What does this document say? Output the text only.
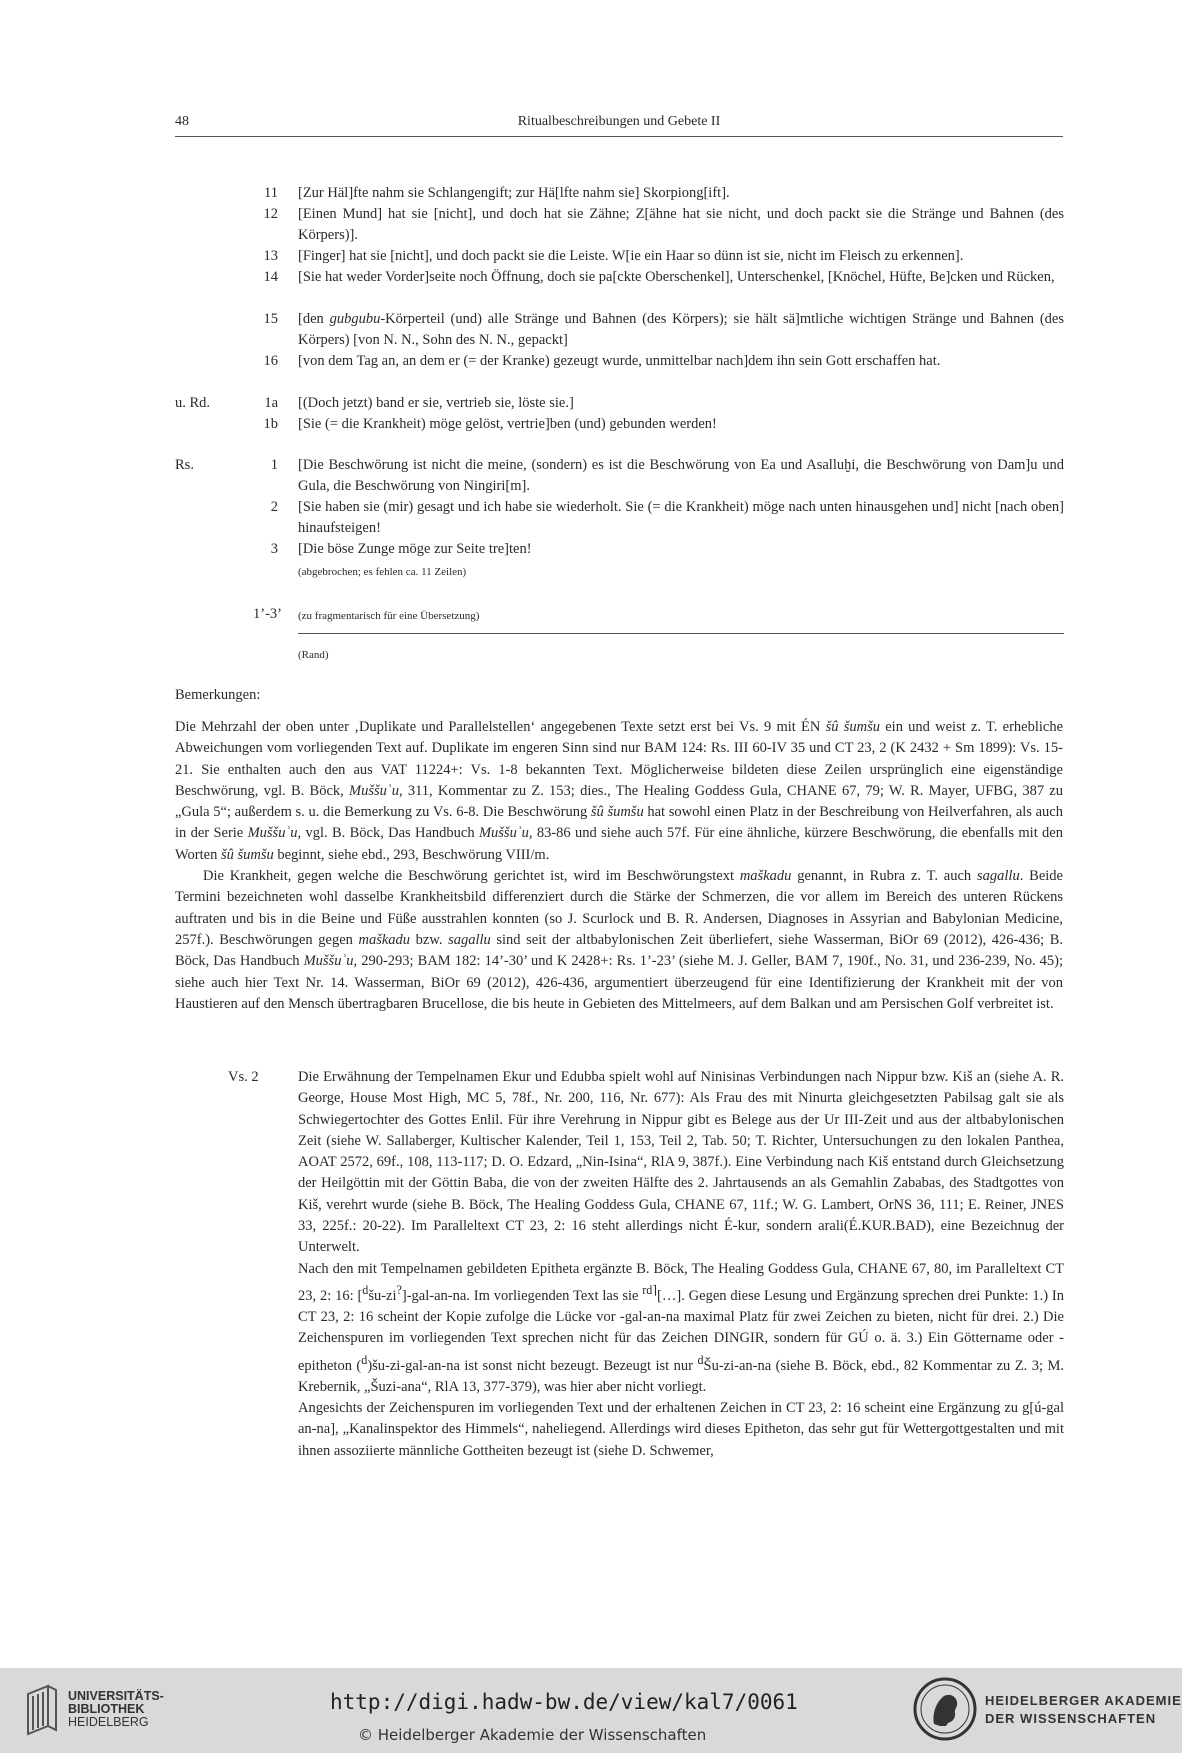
48	Ritualbeschreibungen und Gebete II
11 [Zur Häl]fte nahm sie Schlangengift; zur Hä[lfte nahm sie] Skorpiong[ift].
12 [Einen Mund] hat sie [nicht], und doch hat sie Zähne; Z[ähne hat sie nicht, und doch packt sie die Stränge und Bahnen (des Körpers)].
13 [Finger] hat sie [nicht], und doch packt sie die Leiste. W[ie ein Haar so dünn ist sie, nicht im Fleisch zu erkennen].
14 [Sie hat weder Vorder]seite noch Öffnung, doch sie pa[ckte Oberschenkel], Unterschenkel, [Knöchel, Hüfte, Be]cken und Rücken,
15 [den gubgubu-Körperteil (und) alle Stränge und Bahnen (des Körpers); sie hält sä]mtliche wichtigen Stränge und Bahnen (des Körpers) [von N. N., Sohn des N. N., gepackt]
16 [von dem Tag an, an dem er (= der Kranke) gezeugt wurde, unmittelbar nach]dem ihn sein Gott erschaffen hat.
u. Rd.	1a [(Doch jetzt) band er sie, vertrieb sie, löste sie.]
1b [Sie (= die Krankheit) möge gelöst, vertrie]ben (und) gebunden werden!
Rs.	1 [Die Beschwörung ist nicht die meine, (sondern) es ist die Beschwörung von Ea und Asalluḫi, die Beschwörung von Dam]u und Gula, die Beschwörung von Ningiri[m].
2 [Sie haben sie (mir) gesagt und ich habe sie wiederholt. Sie (= die Krankheit) möge nach unten hinausgehen und] nicht [nach oben] hinaufsteigen!
3 [Die böse Zunge möge zur Seite tre]ten!
(abgebrochen; es fehlen ca. 11 Zeilen)
1’-3’ (zu fragmentarisch für eine Übersetzung)
(Rand)
Bemerkungen:

Die Mehrzahl der oben unter ‚Duplikate und Parallelstellen‘ angegebenen Texte setzt erst bei Vs. 9 mit ÉN šû šumšu ein und weist z. T. erhebliche Abweichungen vom vorliegenden Text auf. Duplikate im engeren Sinn sind nur BAM 124: Rs. III 60-IV 35 und CT 23, 2 (K 2432 + Sm 1899): Vs. 15-21. Sie enthalten auch den aus VAT 11224+: Vs. 1-8 bekannten Text. Möglicherweise bildeten diese Zeilen ursprünglich eine eigenständige Beschwörung, vgl. B. Böck, Muššuʾu, 311, Kommentar zu Z. 153; dies., The Healing Goddess Gula, CHANE 67, 79; W. R. Mayer, UFBG, 387 zu „Gula 5“; außerdem s. u. die Bemerkung zu Vs. 6-8. Die Beschwörung šû šumšu hat sowohl einen Platz in der Beschreibung von Heilverfahren, als auch in der Serie Muššuʾu, vgl. B. Böck, Das Handbuch Muššuʾu, 83-86 und siehe auch 57f. Für eine ähnliche, kürzere Beschwörung, die ebenfalls mit den Worten šû šumšu beginnt, siehe ebd., 293, Beschwörung VIII/m.

Die Krankheit, gegen welche die Beschwörung gerichtet ist, wird im Beschwörungstext maškadu genannt, in Rubra z. T. auch sagallu. Beide Termini bezeichneten wohl dasselbe Krankheitsbild differenziert durch die Stärke der Schmerzen, die vor allem im Bereich des unteren Rückens auftraten und bis in die Beine und Füße ausstrahlen konnten (so J. Scurlock und B. R. Andersen, Diagnoses in Assyrian and Babylonian Medicine, 257f.). Beschwörungen gegen maškadu bzw. sagallu sind seit der altbabylonischen Zeit überliefert, siehe Wasserman, BiOr 69 (2012), 426-436; B. Böck, Das Handbuch Muššuʾu, 290-293; BAM 182: 14’-30’ und K 2428+: Rs. 1’-23’ (siehe M. J. Geller, BAM 7, 190f., No. 31, und 236-239, No. 45); siehe auch hier Text Nr. 14. Wasserman, BiOr 69 (2012), 426-436, argumentiert überzeugend für eine Identifizierung der Krankheit mit der von Haustieren auf den Mensch übertragbaren Brucellose, die bis heute in Gebieten des Mittelmeers, auf dem Balkan und am Persischen Golf verbreitet ist.

Vs. 2	Die Erwähnung der Tempelnamen Ekur und Edubba spielt wohl auf Ninisinas Verbindungen nach Nippur bzw. Kiš an (siehe A. R. George, House Most High, MC 5, 78f., Nr. 200, 116, Nr. 677): Als Frau des mit Ninurta gleichgesetzten Pabilsag galt sie als Schwiegertochter des Gottes Enlil. Für ihre Verehrung in Nippur gibt es Belege aus der Ur III-Zeit und aus der altbabylonischen Zeit (siehe W. Sallaberger, Kultischer Kalender, Teil 1, 153, Teil 2, Tab. 50; T. Richter, Untersuchungen zu den lokalen Panthea, AOAT 2572, 69f., 108, 113-117; D. O. Edzard, „Nin-Isina“, RlA 9, 387f.). Eine Verbindung nach Kiš entstand durch Gleichsetzung der Heilgöttin mit der Göttin Baba, die von der zweiten Hälfte des 2. Jahrtausends an als Gemahlin Zababas, des Stadtgottes von Kiš, verehrt wurde (siehe B. Böck, The Healing Goddess Gula, CHANE 67, 11f.; W. G. Lambert, OrNS 36, 111; E. Reiner, JNES 33, 225f.: 20-22). Im Paralleltext CT 23, 2: 16 steht allerdings nicht É-kur, sondern arali(É.KUR.BAD), eine Bezeichnug der Unterwelt.

Nach den mit Tempelnamen gebildeten Epitheta ergänzte B. Böck, The Healing Goddess Gula, CHANE 67, 80, im Paralleltext CT 23, 2: 16: [$^d$šu-zi?]-gal-an-na. Im vorliegenden Text las sie $^{rd⌉}$[…]. Gegen diese Lesung und Ergänzung sprechen drei Punkte: 1.) In CT 23, 2: 16 scheint der Kopie zufolge die Lücke vor -gal-an-na maximal Platz für zwei Zeichen zu bieten, nicht für drei. 2.) Die Zeichenspuren im vorliegenden Text sprechen nicht für das Zeichen DINGIR, sondern für GÚ o. ä. 3.) Ein Göttername oder -epitheton ($^d$)šu-zi-gal-an-na ist sonst nicht bezeugt. Bezeugt ist nur $^d$Šu-zi-an-na (siehe B. Böck, ebd., 82 Kommentar zu Z. 3; M. Krebernik, „Šuzi-ana“, RlA 13, 377-379), was hier aber nicht vorliegt.

Angesichts der Zeichenspuren im vorliegenden Text und der erhaltenen Zeichen in CT 23, 2: 16 scheint eine Ergänzung zu g[ú-gal an-na], „Kanalinspektor des Himmels“, naheliegend. Allerdings wird dieses Epitheton, das sehr gut für Wettergottgestalten und mit ihnen assoziierte männliche Gottheiten bezeugt ist (siehe D. Schwemer,

UNIVERSITÄTS-
BIBLIOTHEK
HEIDELBERG
http://digi.hadw-bw.de/view/kal7/0061
© Heidelberger Akademie der Wissenschaften
HEIDELBERGER AKADEMIE
DER WISSENSCHAFTEN
